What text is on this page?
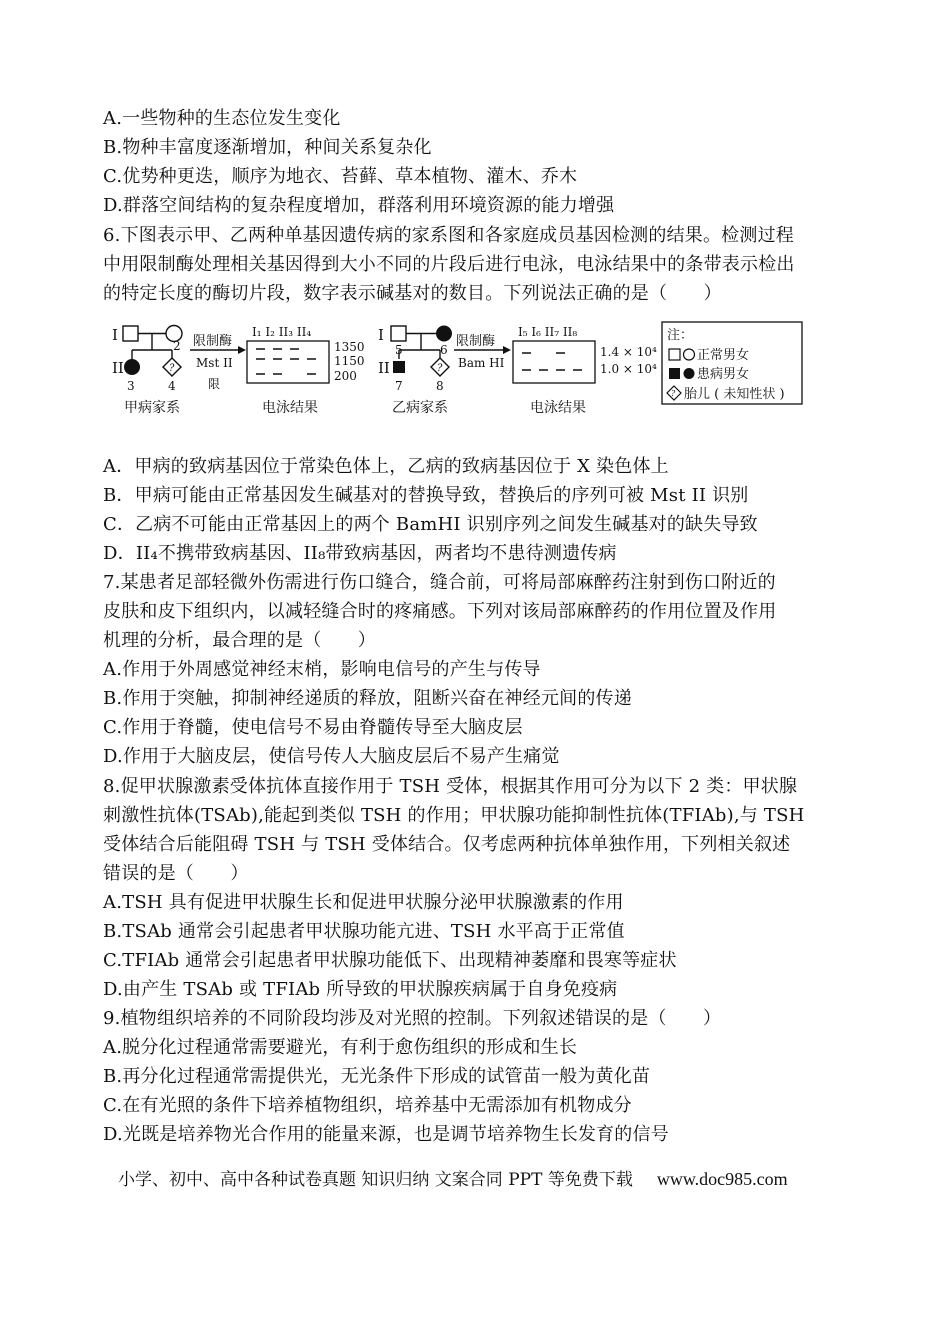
A.一些物种的生态位发生变化
B.物种丰富度逐渐增加，种间关系复杂化
C.优势种更迭，顺序为地衣、苔藓、草本植物、灌木、乔木
D.群落空间结构的复杂程度增加，群落利用环境资源的能力增强
6.下图表示甲、乙两种单基因遗传病的家系图和各家庭成员基因检测的结果。检测过程
中用限制酶处理相关基因得到大小不同的片段后进行电泳，电泳结果中的条带表示检出
的特定长度的酶切片段，数字表示碱基对的数目。下列说法正确的是（　　）
I
2
II	?
3	4
甲病家系
限制酶
Mst II
限
I₁ I₂ II₃ II₄
1350
1150
200
电泳结果
I
5	6
II	?
7	8
乙病家系
限制酶
Bam HI
I₅ I₆ II₇ II₈
1.4 × 10⁴
1.0 × 10⁴
电泳结果
注：
正常男女
患病男女
? 胎儿 ( 未知性状 )
A．甲病的致病基因位于常染色体上，乙病的致病基因位于 X 染色体上
B．甲病可能由正常基因发生碱基对的替换导致，替换后的序列可被 Mst II 识别
C．乙病不可能由正常基因上的两个 BamHI 识别序列之间发生碱基对的缺失导致
D．II₄不携带致病基因、II₈带致病基因，两者均不患待测遗传病
7.某患者足部轻微外伤需进行伤口缝合，缝合前，可将局部麻醉药注射到伤口附近的
皮肤和皮下组织内，以减轻缝合时的疼痛感。下列对该局部麻醉药的作用位置及作用
机理的分析，最合理的是（　　）
A.作用于外周感觉神经末梢，影响电信号的产生与传导
B.作用于突触，抑制神经递质的释放，阻断兴奋在神经元间的传递
C.作用于脊髓，使电信号不易由脊髓传导至大脑皮层
D.作用于大脑皮层，使信号传人大脑皮层后不易产生痛觉
8.促甲状腺激素受体抗体直接作用于 TSH 受体，根据其作用可分为以下 2 类：甲状腺
刺激性抗体(TSAb),能起到类似 TSH 的作用；甲状腺功能抑制性抗体(TFIAb),与 TSH
受体结合后能阻碍 TSH 与 TSH 受体结合。仅考虑两种抗体单独作用，下列相关叙述
错误的是（　　）
A.TSH 具有促进甲状腺生长和促进甲状腺分泌甲状腺激素的作用
B.TSAb 通常会引起患者甲状腺功能亢进、TSH 水平高于正常值
C.TFIAb 通常会引起患者甲状腺功能低下、出现精神萎靡和畏寒等症状
D.由产生 TSAb 或 TFIAb 所导致的甲状腺疾病属于自身免疫病
9.植物组织培养的不同阶段均涉及对光照的控制。下列叙述错误的是（　　）
A.脱分化过程通常需要避光，有利于愈伤组织的形成和生长
B.再分化过程通常需提供光，无光条件下形成的试管苗一般为黄化苗
C.在有光照的条件下培养植物组织，培养基中无需添加有机物成分
D.光既是培养物光合作用的能量来源，也是调节培养物生长发育的信号
小学、初中、高中各种试卷真题 知识归纳 文案合同 PPT 等免费下载 www.doc985.com
